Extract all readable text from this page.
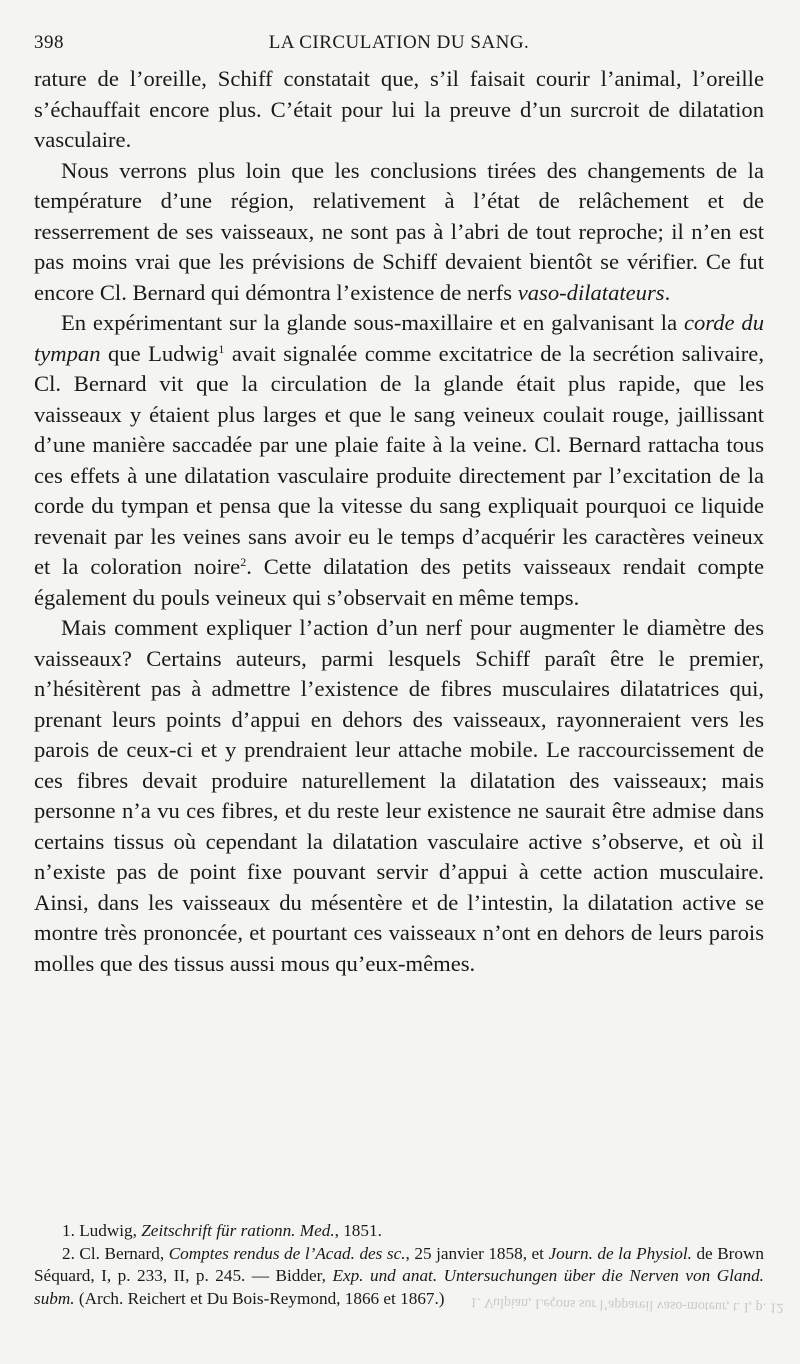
398	LA CIRCULATION DU SANG.

rature de l’oreille, Schiff constatait que, s’il faisait courir l’animal, l’oreille s’échauffait encore plus. C’était pour lui la preuve d’un surcroit de dilatation vasculaire.

Nous verrons plus loin que les conclusions tirées des changements de la température d’une région, relativement à l’état de relâchement et de resserrement de ses vaisseaux, ne sont pas à l’abri de tout reproche; il n’en est pas moins vrai que les prévisions de Schiff devaient bientôt se vérifier. Ce fut encore Cl. Bernard qui démontra l’existence de nerfs vaso-dilatateurs.

En expérimentant sur la glande sous-maxillaire et en galvanisant la corde du tympan que Ludwig$^1$ avait signalée comme excitatrice de la secrétion salivaire, Cl. Bernard vit que la circulation de la glande était plus rapide, que les vaisseaux y étaient plus larges et que le sang veineux coulait rouge, jaillissant d’une manière saccadée par une plaie faite à la veine. Cl. Bernard rattacha tous ces effets à une dilatation vasculaire produite directement par l’excitation de la corde du tympan et pensa que la vitesse du sang expliquait pourquoi ce liquide revenait par les veines sans avoir eu le temps d’acquérir les caractères veineux et la coloration noire$^2$. Cette dilatation des petits vaisseaux rendait compte également du pouls veineux qui s’observait en même temps.

Mais comment expliquer l’action d’un nerf pour augmenter le diamètre des vaisseaux? Certains auteurs, parmi lesquels Schiff paraît être le premier, n’hésitèrent pas à admettre l’existence de fibres musculaires dilatatrices qui, prenant leurs points d’appui en dehors des vaisseaux, rayonneraient vers les parois de ceux-ci et y prendraient leur attache mobile. Le raccourcissement de ces fibres devait produire naturellement la dilatation des vaisseaux; mais personne n’a vu ces fibres, et du reste leur existence ne saurait être admise dans certains tissus où cependant la dilatation vasculaire active s’observe, et où il n’existe pas de point fixe pouvant servir d’appui à cette action musculaire. Ainsi, dans les vaisseaux du mésentère et de l’intestin, la dilatation active se montre très prononcée, et pourtant ces vaisseaux n’ont en dehors de leurs parois molles que des tissus aussi mous qu’eux-mêmes.

1. Ludwig, Zeitschrift für rationn. Med., 1851.

2. Cl. Bernard, Comptes rendus de l’Acad. des sc., 25 janvier 1858, et Journ. de la Physiol. de Brown Séquard, I, p. 233, II, p. 245. — Bidder, Exp. und anat. Untersuchungen über die Nerven von Gland. subm. (Arch. Reichert et Du Bois-Reymond, 1866 et 1867.)	1. Vulpian, Leçons sur l’appareil vaso-moteur, t. I, p. 12
